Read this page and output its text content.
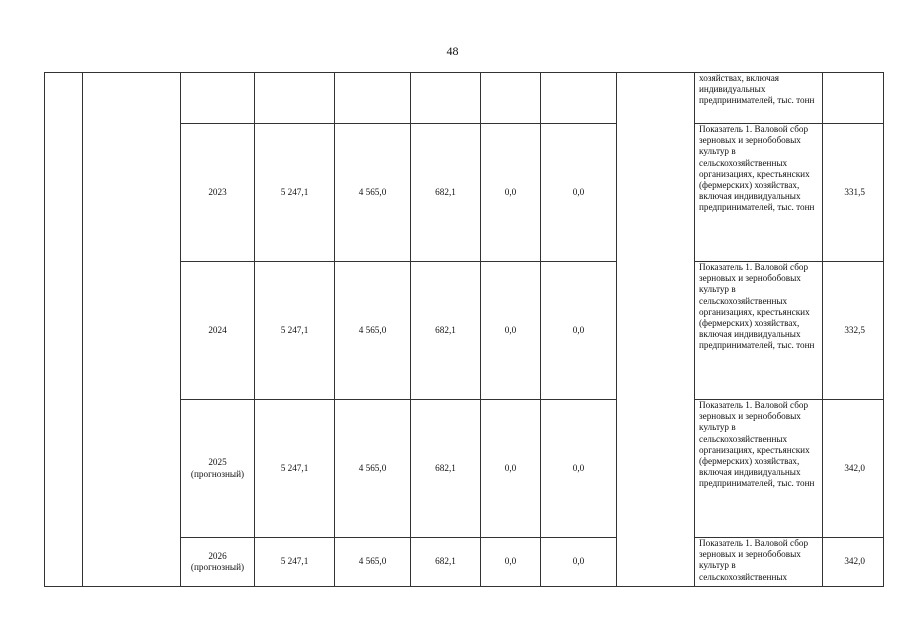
48

									хозяйствах, включая индивидуальных предпринимателей, тыс. тонн	

		2023	5 247,1	4 565,0	682,1	0,0	0,0		Показатель 1. Валовой сбор зерновых и зернобобовых культур в сельскохозяйственных организациях, крестьянских (фермерских) хозяйствах, включая индивидуальных предпринимателей, тыс. тонн	331,5

		2024	5 247,1	4 565,0	682,1	0,0	0,0		Показатель 1. Валовой сбор зерновых и зернобобовых культур в сельскохозяйственных организациях, крестьянских (фермерских) хозяйствах, включая индивидуальных предпринимателей, тыс. тонн	332,5

		2025
(прогнозный)	5 247,1	4 565,0	682,1	0,0	0,0		Показатель 1. Валовой сбор зерновых и зернобобовых культур в сельскохозяйственных организациях, крестьянских (фермерских) хозяйствах, включая индивидуальных предпринимателей, тыс. тонн	342,0

		2026
(прогнозный)	5 247,1	4 565,0	682,1	0,0	0,0		Показатель 1. Валовой сбор зерновых и зернобобовых культур в сельскохозяйственных	342,0
